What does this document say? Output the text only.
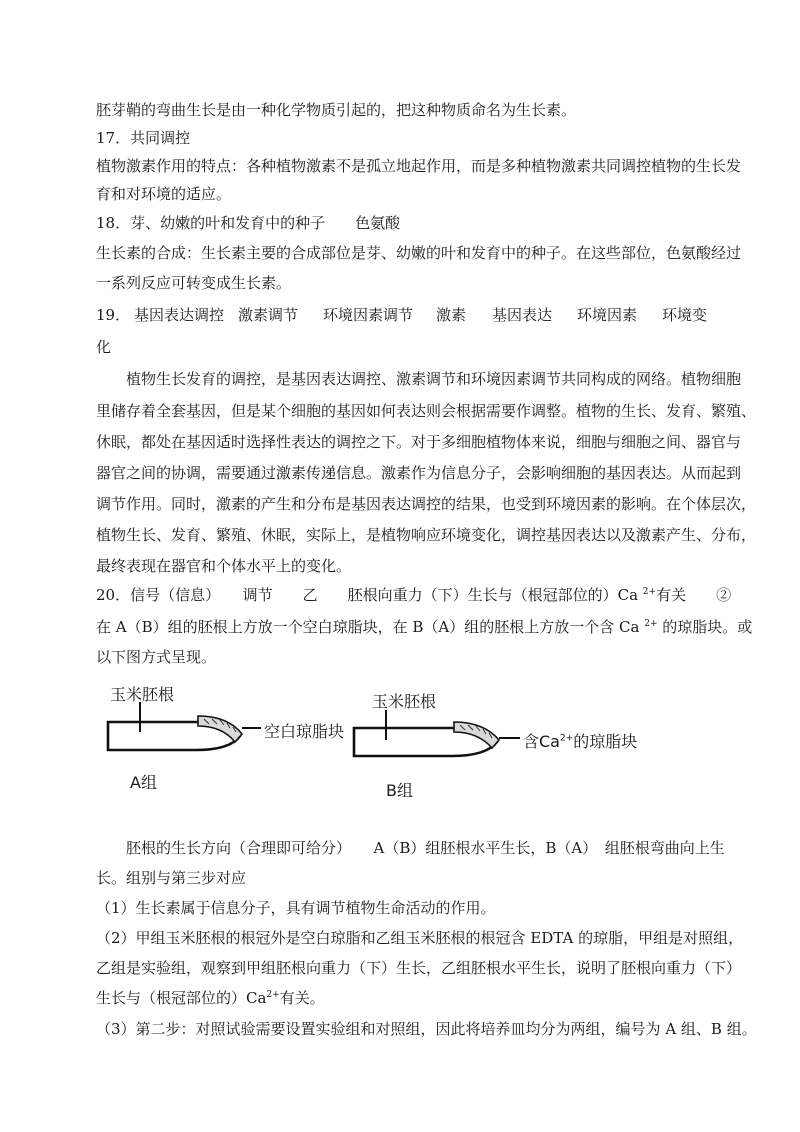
胚芽鞘的弯曲生长是由一种化学物质引起的，把这种物质命名为生长素。
17．共同调控
植物激素作用的特点：各种植物激素不是孤立地起作用，而是多种植物激素共同调控植物的生长发
育和对环境的适应。
18．芽、幼嫩的叶和发育中的种子　　色氨酸
生长素的合成：生长素主要的合成部位是芽、幼嫩的叶和发育中的种子。在这些部位，色氨酸经过
一系列反应可转变成生长素。
19． 基因表达调控 激素调节 环境因素调节 激素 基因表达 环境因素 环境变
化
　　植物生长发育的调控，是基因表达调控、激素调节和环境因素调节共同构成的网络。植物细胞
里储存着全套基因，但是某个细胞的基因如何表达则会根据需要作调整。植物的生长、发育、繁殖、
休眠，都处在基因适时选择性表达的调控之下。对于多细胞植物体来说，细胞与细胞之间、器官与
器官之间的协调，需要通过激素传递信息。激素作为信息分子，会影响细胞的基因表达。从而起到
调节作用。同时，激素的产生和分布是基因表达调控的结果，也受到环境因素的影响。在个体层次，
植物生长、发育、繁殖、休眠，实际上，是植物响应环境变化，调控基因表达以及激素产生、分布，
最终表现在器官和个体水平上的变化。
20．信号（信息）　　调节　　乙　　胚根向重力（下）生长与（根冠部位的）Ca $^{2+}$有关　　②
在 A（B）组的胚根上方放一个空白琼脂块，在 B（A）组的胚根上方放一个含 Ca $^{2+}$ 的琼脂块。或
以下图方式呈现。
玉米胚根
空白琼脂块
A组
玉米胚根
含$Ca^{2+}$的琼脂块
B组
　　胚根的生长方向（合理即可给分）　　A（B）组胚根水平生长，B（A）　组胚根弯曲向上生
长。组别与第三步对应
（1）生长素属于信息分子，具有调节植物生命活动的作用。
（2）甲组玉米胚根的根冠外是空白琼脂和乙组玉米胚根的根冠含 EDTA 的琼脂，甲组是对照组，
乙组是实验组，观察到甲组胚根向重力（下）生长，乙组胚根水平生长，说明了胚根向重力（下）
生长与（根冠部位的）$Ca^{2+}$有关。
（3）第二步：对照试验需要设置实验组和对照组，因此将培养皿均分为两组，编号为 A 组、B 组。
